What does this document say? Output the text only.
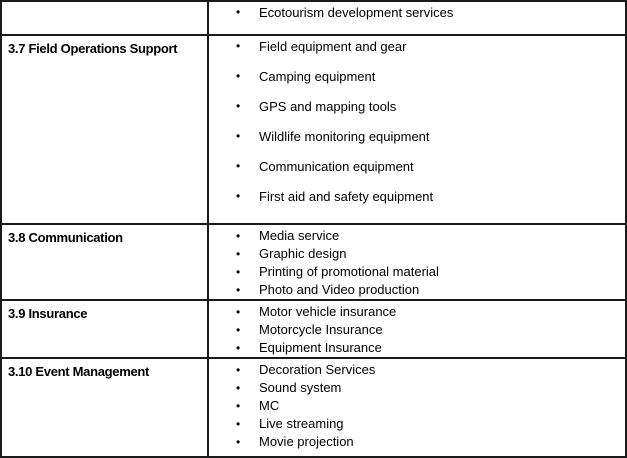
•	Ecotourism development services

3.7 Field Operations Support	•	Field equipment and gear
•	Camping equipment
•	GPS and mapping tools
•	Wildlife monitoring equipment
•	Communication equipment
•	First aid and safety equipment

3.8 Communication	•	Media service
•	Graphic design
•	Printing of promotional material
•	Photo and Video production

3.9 Insurance	•	Motor vehicle insurance
•	Motorcycle Insurance
•	Equipment Insurance

3.10 Event Management	•	Decoration Services
•	Sound system
•	MC
•	Live streaming
•	Movie projection
